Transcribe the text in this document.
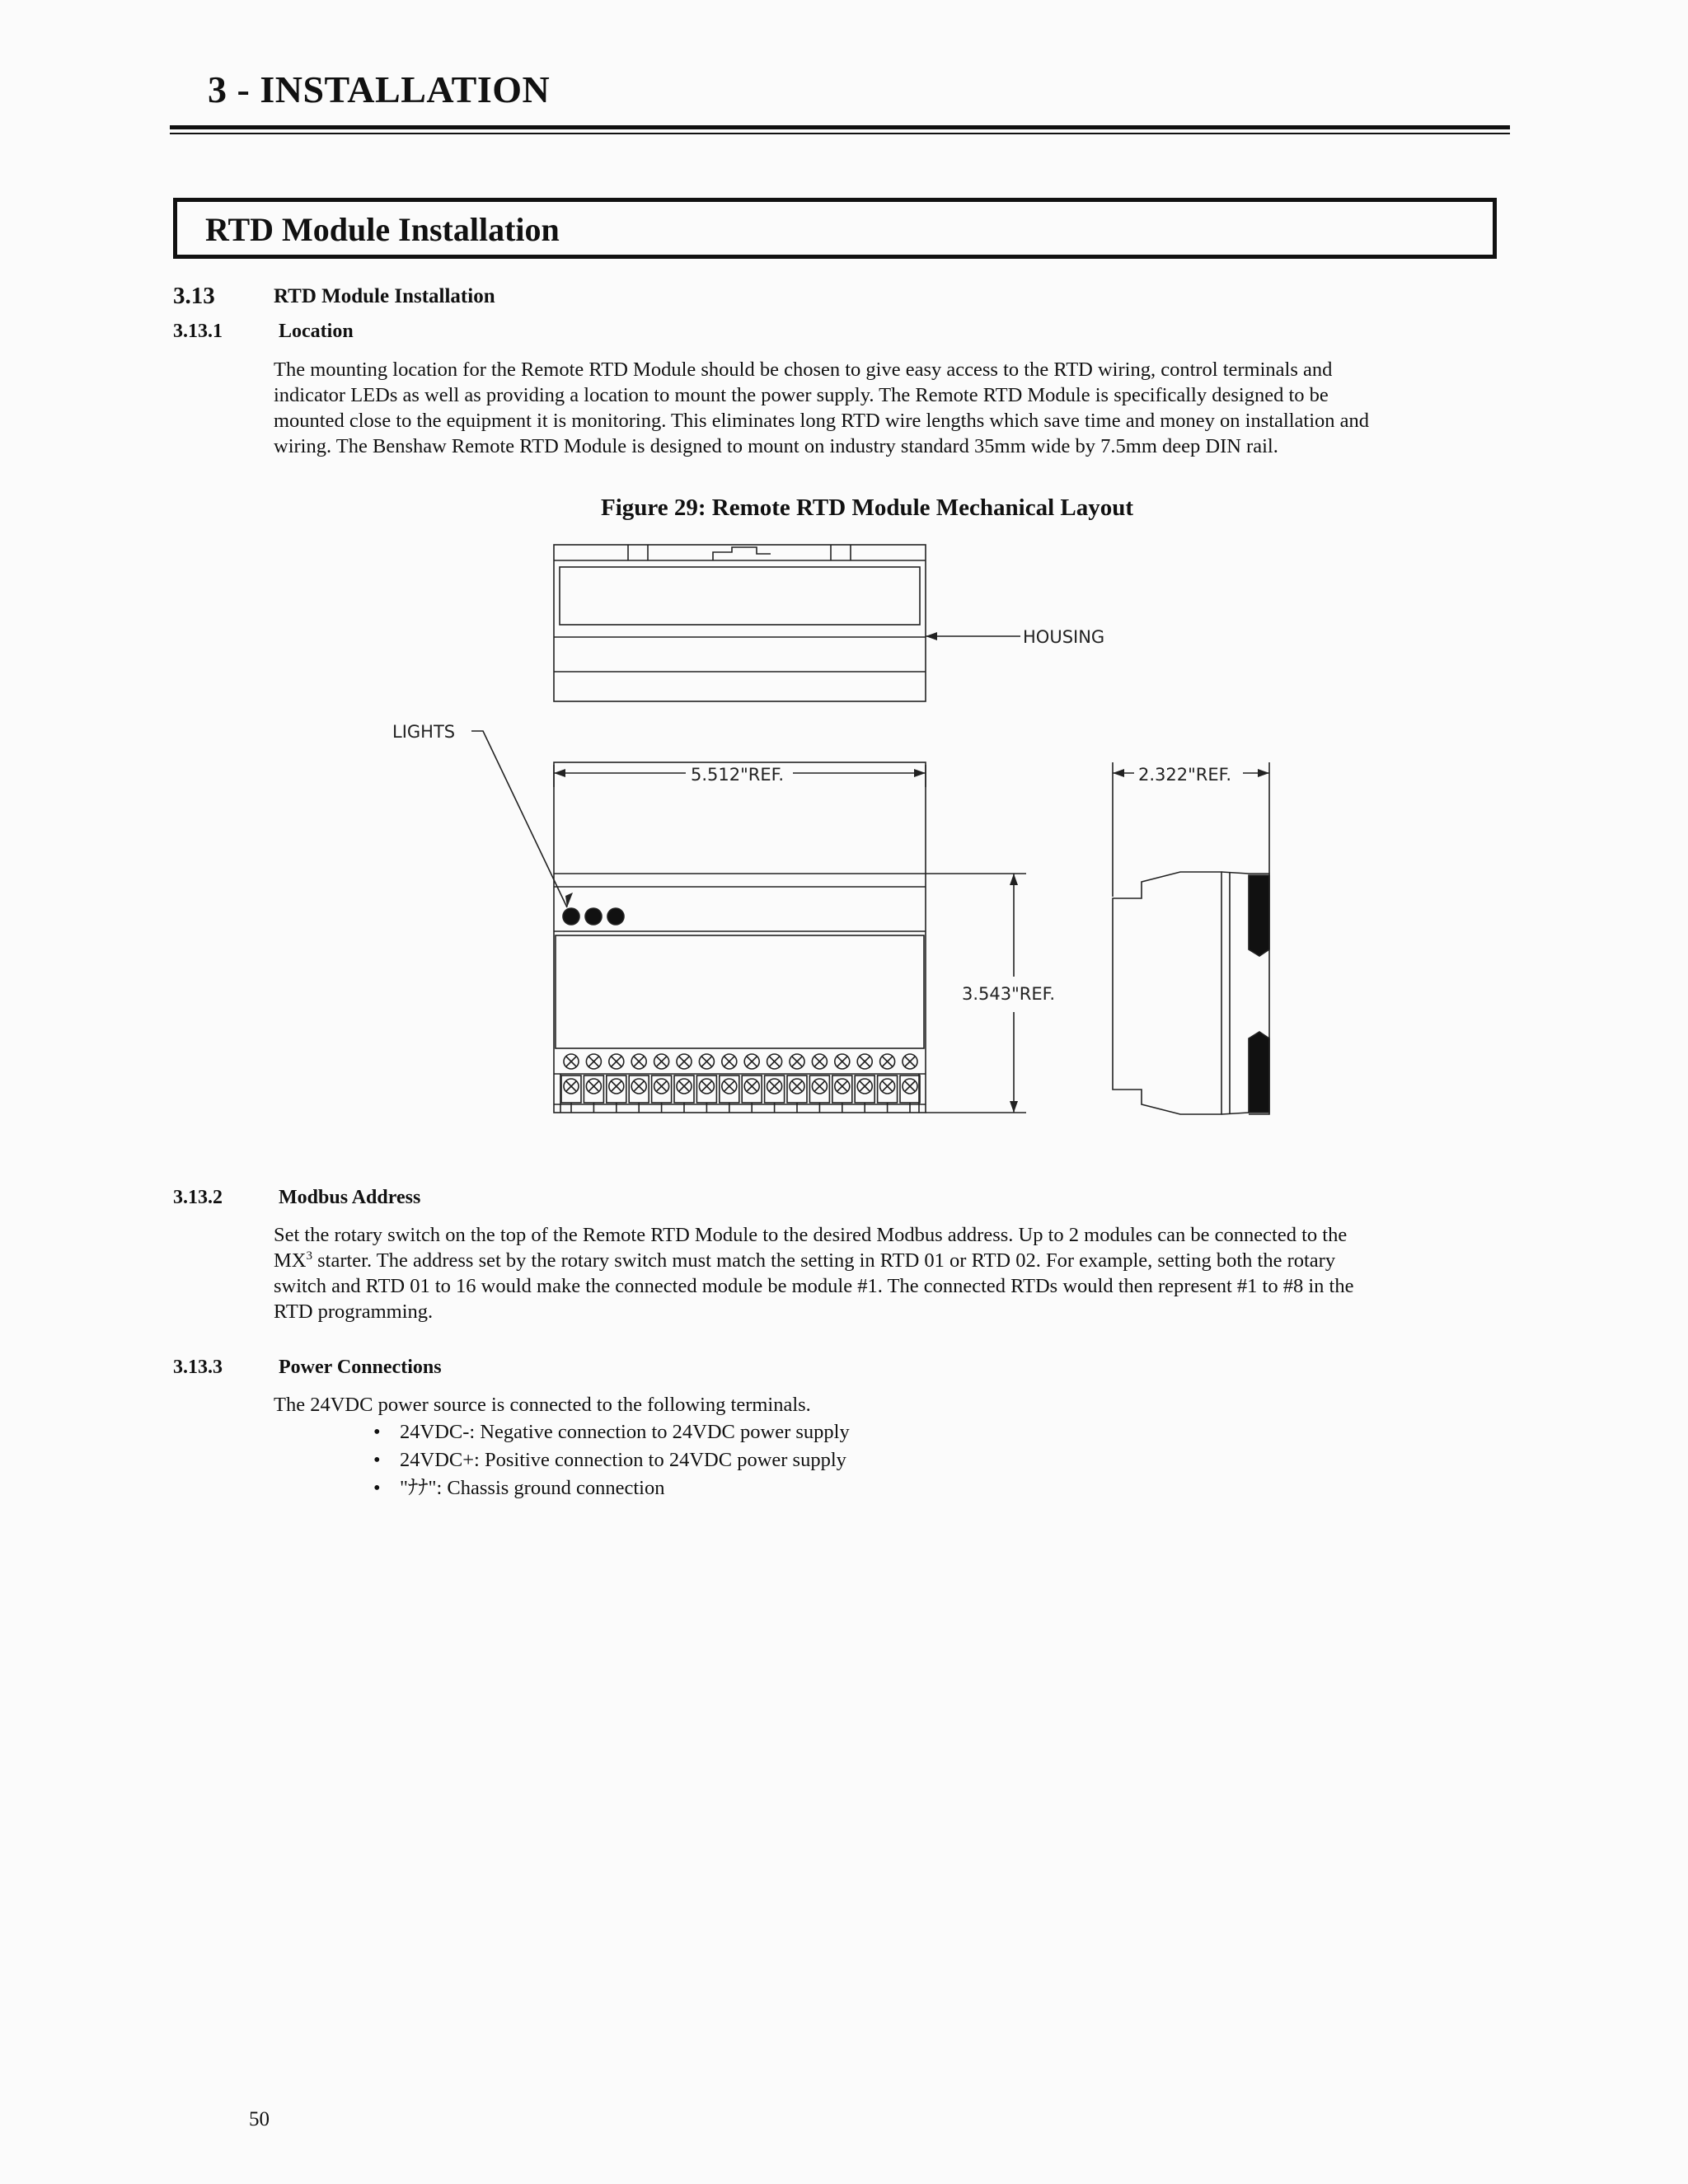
3 - INSTALLATION
RTD Module Installation
3.13	RTD Module Installation
3.13.1	Location

The mounting location for the Remote RTD Module should be chosen to give easy access to the RTD wiring, control terminals and

indicator LEDs as well as providing a location to mount the power supply. The Remote RTD Module is specifically designed to be

mounted close to the equipment it is monitoring. This eliminates long RTD wire lengths which save time and money on installation and

wiring. The Benshaw Remote RTD Module is designed to mount on industry standard 35mm wide by 7.5mm deep DIN rail.

Figure 29: Remote RTD Module Mechanical Layout
HOUSING
LIGHTS
5.512"REF.	2.322"REF.
3.543"REF.
3.13.2	Modbus Address

Set the rotary switch on the top of the Remote RTD Module to the desired Modbus address. Up to 2 modules can be connected to the

$MX^3$ starter. The address set by the rotary switch must match the setting in RTD 01 or RTD 02. For example, setting both the rotary

switch and RTD 01 to 16 would make the connected module be module #1. The connected RTDs would then represent #1 to #8 in the

RTD programming.

3.13.3	Power Connections
The 24VDC power source is connected to the following terminals.
• 24VDC-: Negative connection to 24VDC power supply
• 24VDC+: Positive connection to 24VDC power supply
• "ﾅﾅ": Chassis ground connection
50
